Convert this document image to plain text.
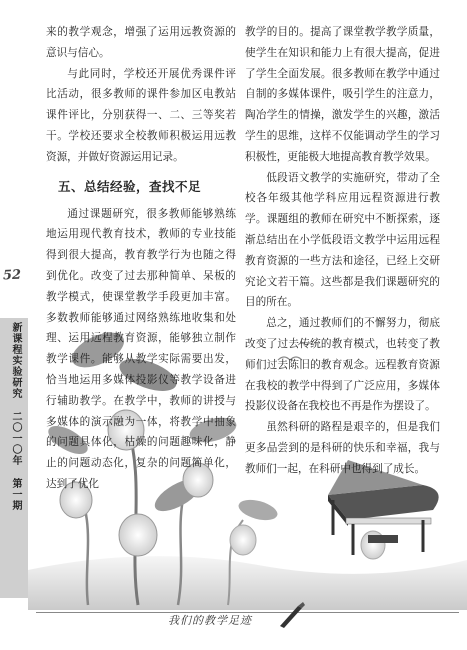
52
新课程实验研究 二〇一〇年 第一期

来的教学观念，增强了运用远教资源的意识与信心。

与此同时，学校还开展优秀课件评比活动，很多教师的课件参加区电教站课件评比，分别获得一、二、三等奖若干。学校还要求全校教师积极运用远教资源，并做好资源运用记录。

五、总结经验，查找不足

通过课题研究，很多教师能够熟练地运用现代教育技术，教师的专业技能得到很大提高，教育教学行为也随之得到优化。改变了过去那种简单、呆板的教学模式，使课堂教学手段更加丰富。多数教师能够通过网络熟练地收集和处理、运用远程教育资源，能够独立制作教学课件。能够从教学实际需要出发，恰当地运用多媒体投影仪等教学设备进行辅助教学。在教学中，教师的讲授与多媒体的演示融为一体，将教学中抽象的问题具体化，枯燥的问题趣味化，静止的问题动态化，复杂的问题简单化，达到了优化

教学的目的。提高了课堂教学教学质量，使学生在知识和能力上有很大提高，促进了学生全面发展。很多教师在教学中通过自制的多媒体课件，吸引学生的注意力，陶冶学生的情操，激发学生的兴趣，激活学生的思维，这样不仅能调动学生的学习积极性，更能极大地提高教育教学效果。

低段语文教学的实施研究，带动了全校各年级其他学科应用远程资源进行教学。课题组的教师在研究中不断探索，逐渐总结出在小学低段语文教学中运用远程教育资源的一些方法和途径，已经上交研究论文若干篇。这些都是我们课题研究的目的所在。

总之，通过教师们的不懈努力，彻底改变了过去传统的教育模式，也转变了教师们过去陈旧的教育观念。远程教育资源在我校的教学中得到了广泛应用，多媒体投影仪设备在我校也不再是作为摆设了。

虽然科研的路程是艰辛的，但是我们更多品尝到的是科研的快乐和幸福，我与教师们一起，在科研中也得到了成长。

我们的教学足迹
